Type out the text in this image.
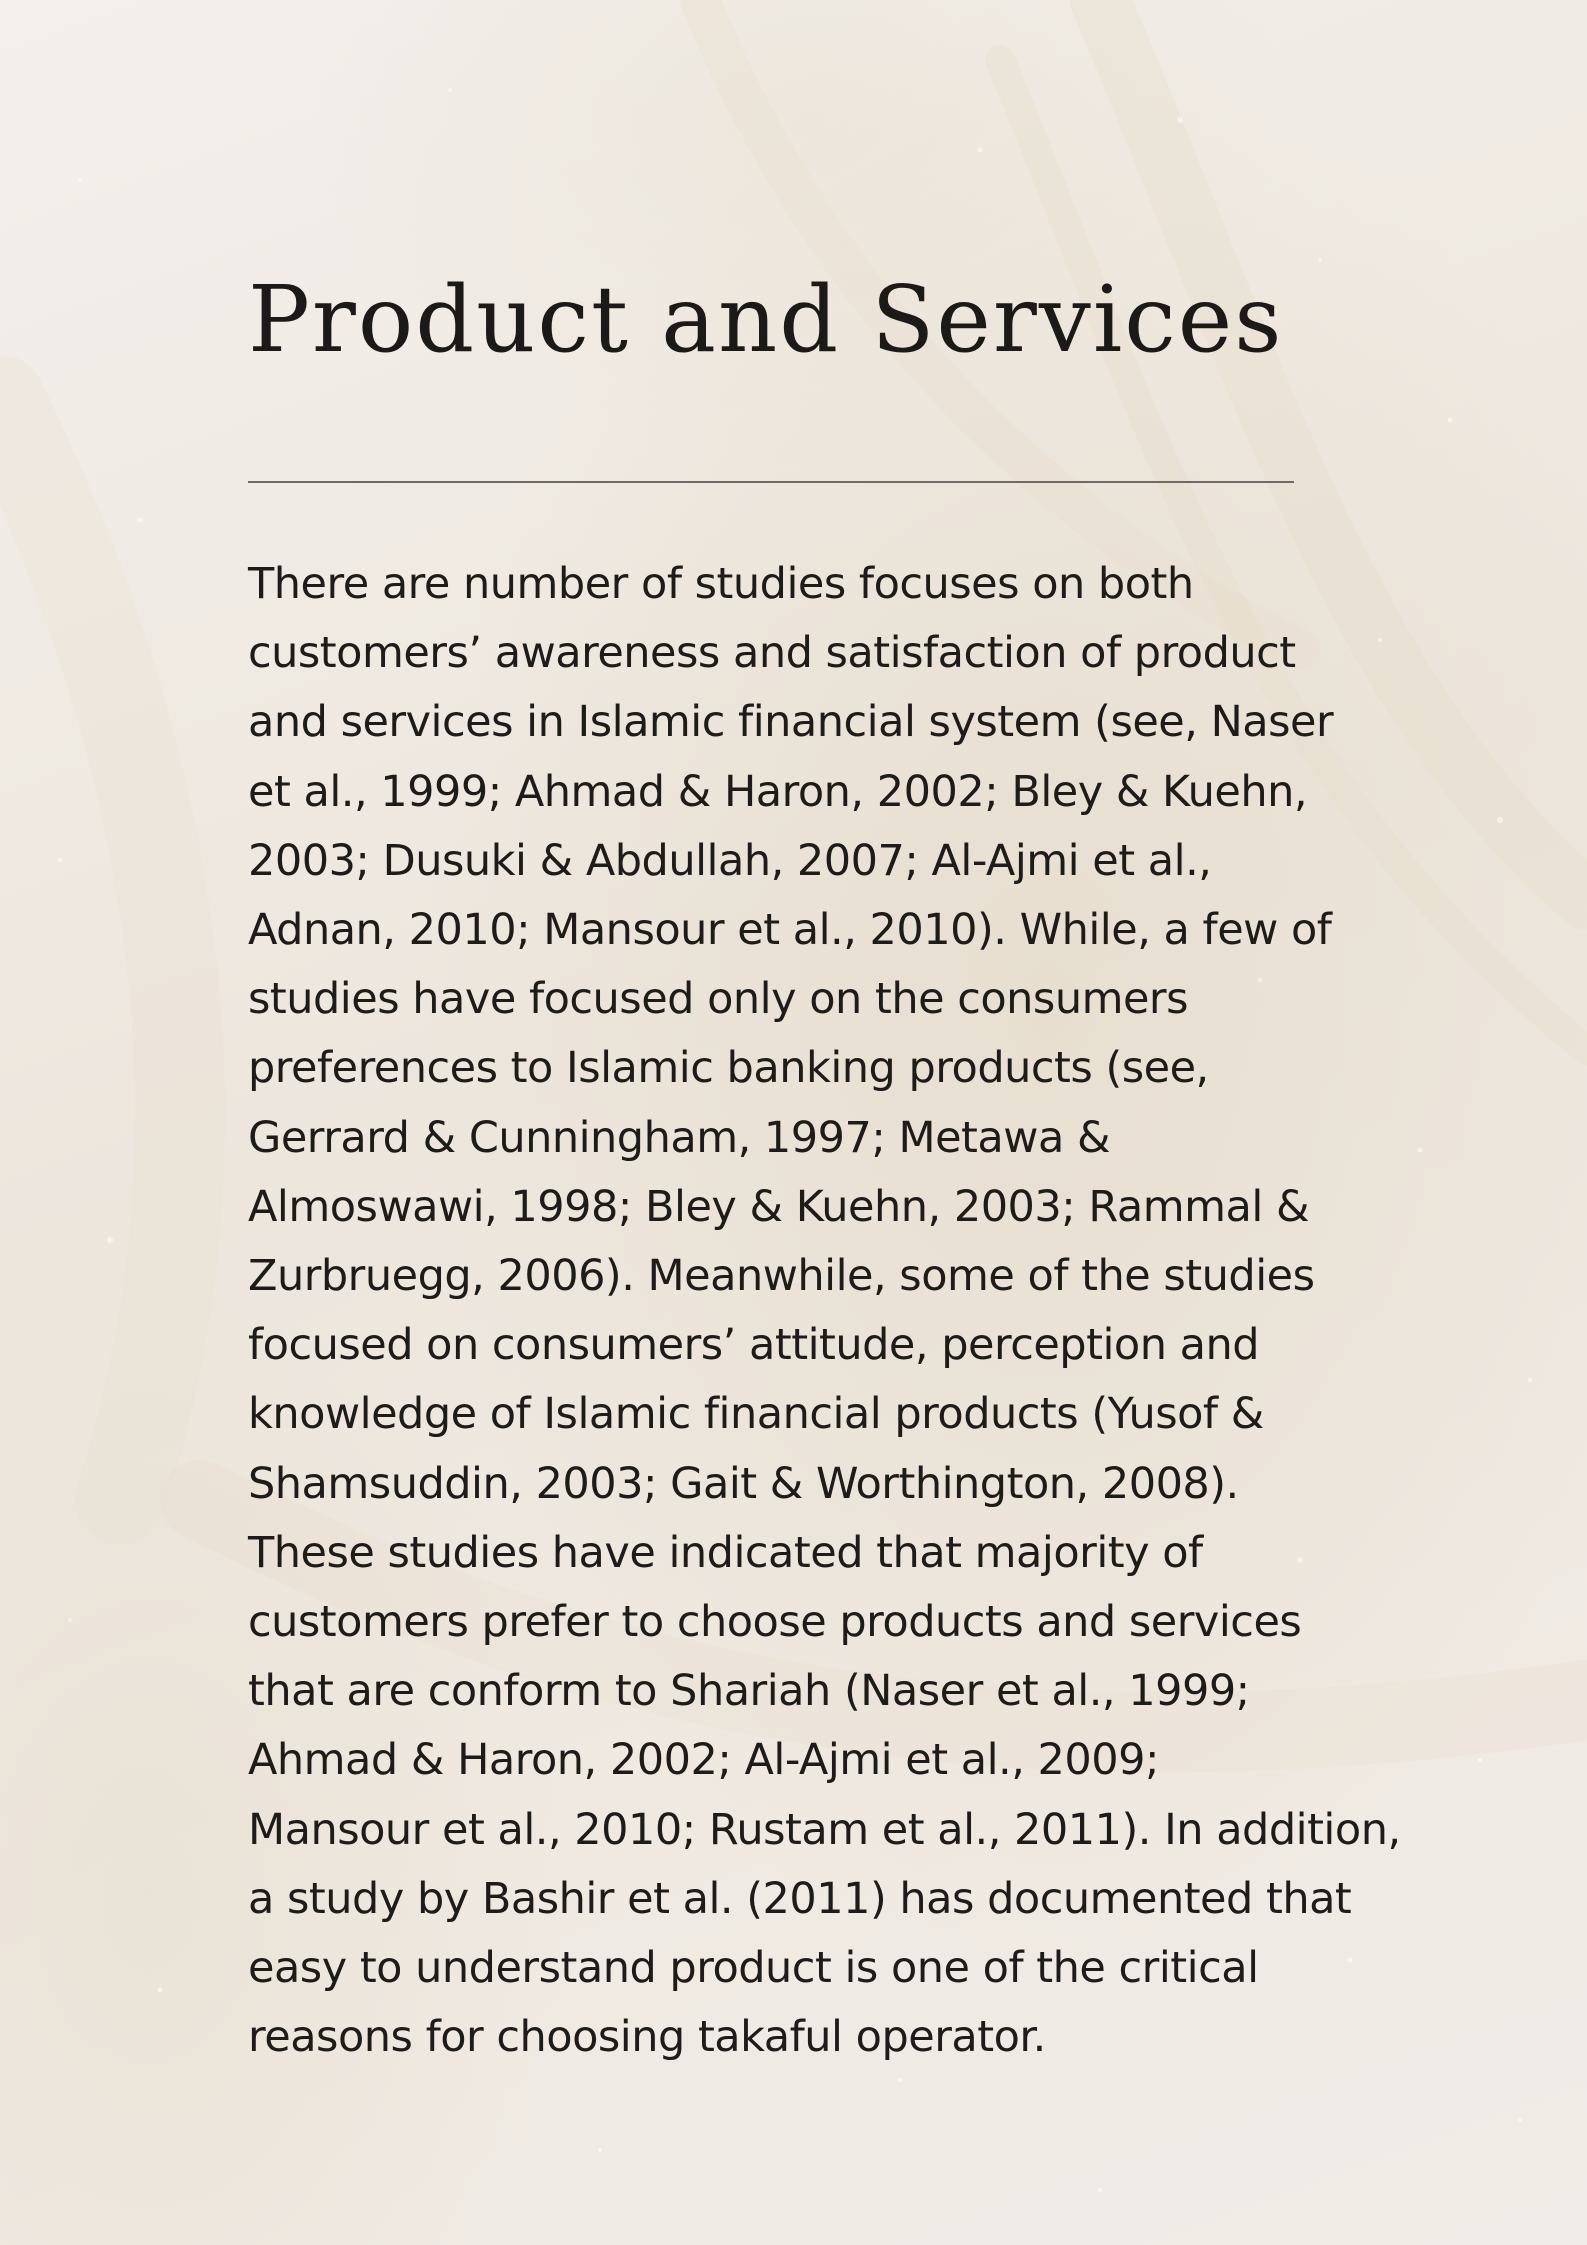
Product and Services

There are number of studies focuses on both
customers’ awareness and satisfaction of product
and services in Islamic financial system (see, Naser
et al., 1999; Ahmad & Haron, 2002; Bley & Kuehn,
2003; Dusuki & Abdullah, 2007; Al-Ajmi et al.,
Adnan, 2010; Mansour et al., 2010). While, a few of
studies have focused only on the consumers
preferences to Islamic banking products (see,
Gerrard & Cunningham, 1997; Metawa &
Almoswawi, 1998; Bley & Kuehn, 2003; Rammal &
Zurbruegg, 2006). Meanwhile, some of the studies
focused on consumers’ attitude, perception and
knowledge of Islamic financial products (Yusof &
Shamsuddin, 2003; Gait & Worthington, 2008).
These studies have indicated that majority of
customers prefer to choose products and services
that are conform to Shariah (Naser et al., 1999;
Ahmad & Haron, 2002; Al-Ajmi et al., 2009;
Mansour et al., 2010; Rustam et al., 2011). In addition,
a study by Bashir et al. (2011) has documented that
easy to understand product is one of the critical
reasons for choosing takaful operator.
